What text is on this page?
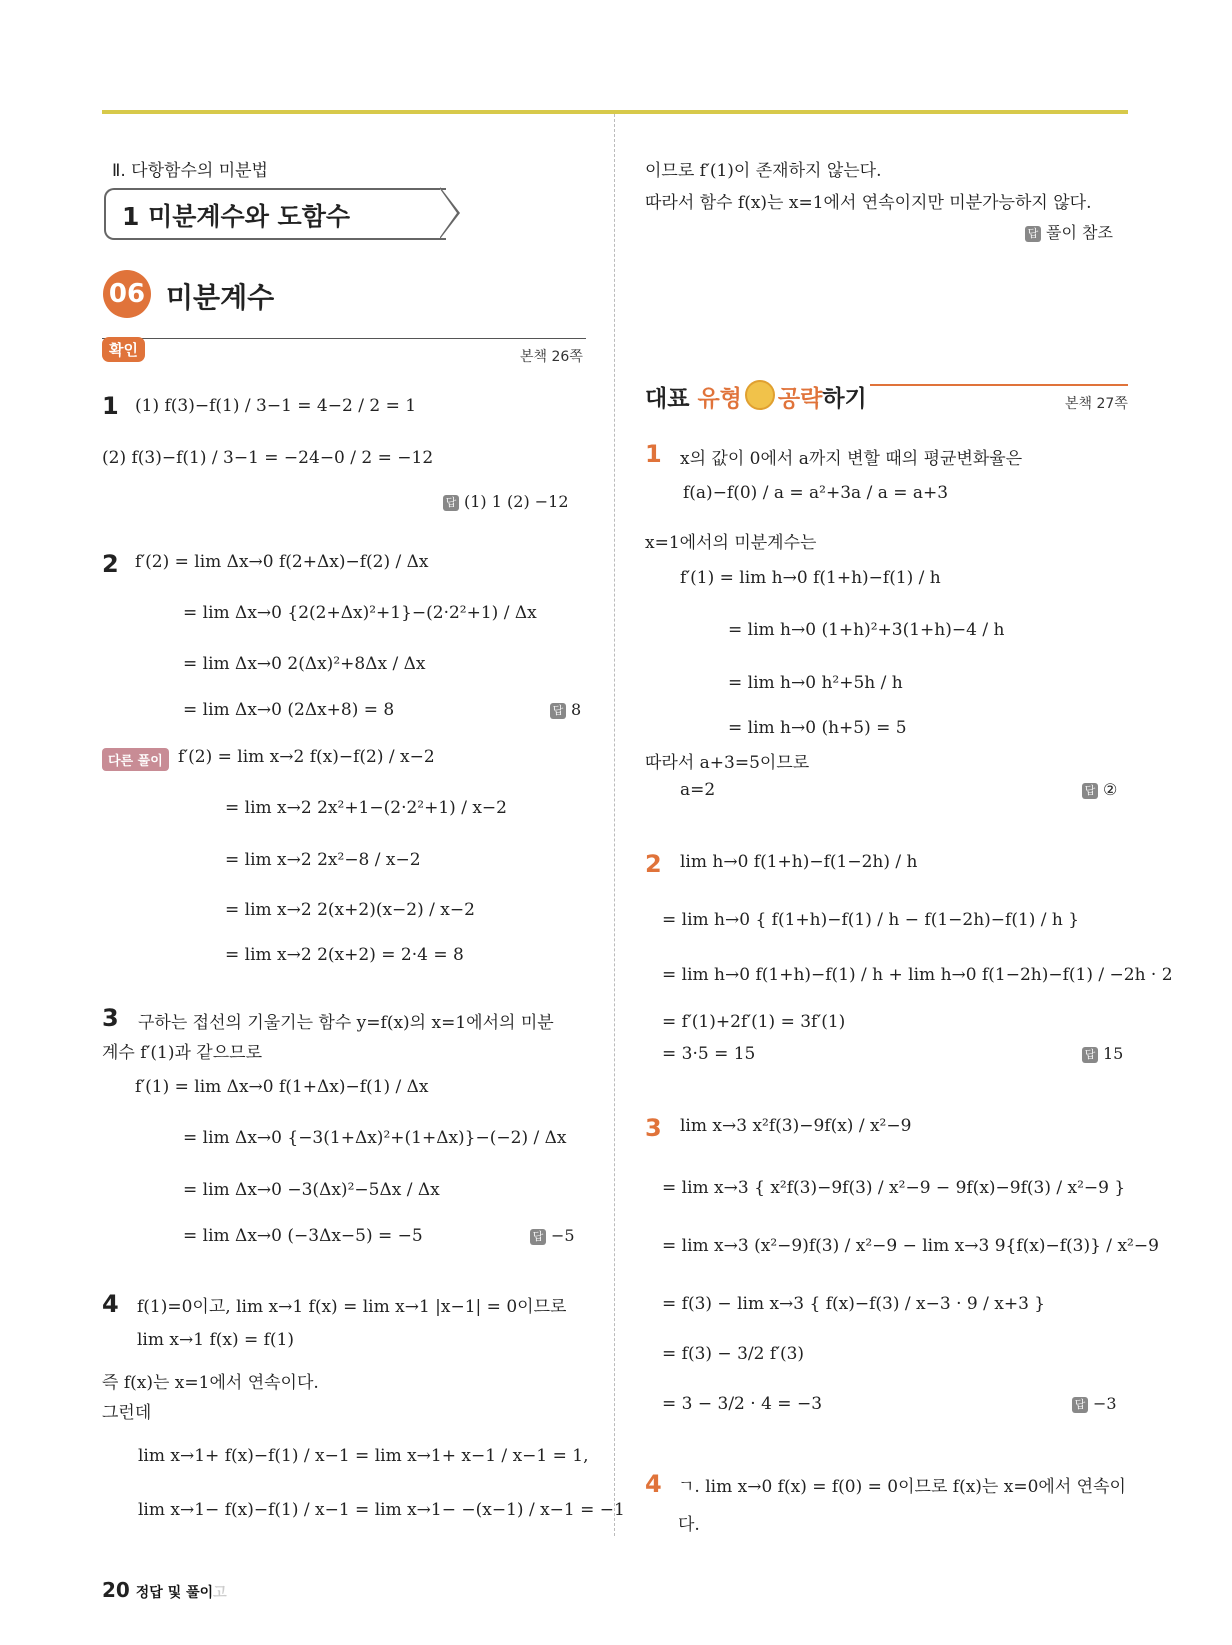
Ⅱ. 다항함수의 미분법
1 미분계수와 도함수
06 미분계수
확인	본책 26쪽
1 (1) f(3)−f(1) / 3−1 = 4−2 / 2 = 1
(2) f(3)−f(1) / 3−1 = −24−0 / 2 = −12
답 (1) 1 (2) −12
2 f′(2) = lim Δx→0 f(2+Δx)−f(2) / Δx
= lim Δx→0 {2(2+Δx)²+1}−(2·2²+1) / Δx
= lim Δx→0 2(Δx)²+8Δx / Δx
= lim Δx→0 (2Δx+8) = 8	답 8
다른 풀이 f′(2) = lim x→2 f(x)−f(2) / x−2
= lim x→2 2x²+1−(2·2²+1) / x−2
= lim x→2 2x²−8 / x−2
= lim x→2 2(x+2)(x−2) / x−2
= lim x→2 2(x+2) = 2·4 = 8
3 구하는 접선의 기울기는 함수 y=f(x)의 x=1에서의 미분
계수 f′(1)과 같으므로
f′(1) = lim Δx→0 f(1+Δx)−f(1) / Δx
= lim Δx→0 {−3(1+Δx)²+(1+Δx)}−(−2) / Δx
= lim Δx→0 −3(Δx)²−5Δx / Δx
= lim Δx→0 (−3Δx−5) = −5	답 −5
4 f(1)=0이고, lim x→1 f(x) = lim x→1 |x−1| = 0이므로
lim x→1 f(x) = f(1)
즉 f(x)는 x=1에서 연속이다.
그런데
lim x→1+ f(x)−f(1) / x−1 = lim x→1+ x−1 / x−1 = 1,
lim x→1− f(x)−f(1) / x−1 = lim x→1− −(x−1) / x−1 = −1
이므로 f′(1)이 존재하지 않는다.
따라서 함수 f(x)는 x=1에서 연속이지만 미분가능하지 않다.
답 풀이 참조
대표 유형 공략하기	본책 27쪽
1 x의 값이 0에서 a까지 변할 때의 평균변화율은
f(a)−f(0) / a = a²+3a / a = a+3
x=1에서의 미분계수는
f′(1) = lim h→0 f(1+h)−f(1) / h
= lim h→0 (1+h)²+3(1+h)−4 / h
= lim h→0 h²+5h / h
= lim h→0 (h+5) = 5
따라서 a+3=5이므로
a=2	답 ②
2 lim h→0 f(1+h)−f(1−2h) / h
= lim h→0 { f(1+h)−f(1) / h − f(1−2h)−f(1) / h }
= lim h→0 f(1+h)−f(1) / h + lim h→0 f(1−2h)−f(1) / −2h · 2
= f′(1)+2f′(1) = 3f′(1)
= 3·5 = 15	답 15
3 lim x→3 x²f(3)−9f(x) / x²−9
= lim x→3 { x²f(3)−9f(3) / x²−9 − 9f(x)−9f(3) / x²−9 }
= lim x→3 (x²−9)f(3) / x²−9 − lim x→3 9{f(x)−f(3)} / x²−9
= f(3) − lim x→3 { f(x)−f(3) / x−3 · 9 / x+3 }
= f(3) − 3/2 f′(3)
= 3 − 3/2 · 4 = −3	답 −3
4 ㄱ. lim x→0 f(x) = f(0) = 0이므로 f(x)는 x=0에서 연속이
다.
20 정답 및 풀이고
